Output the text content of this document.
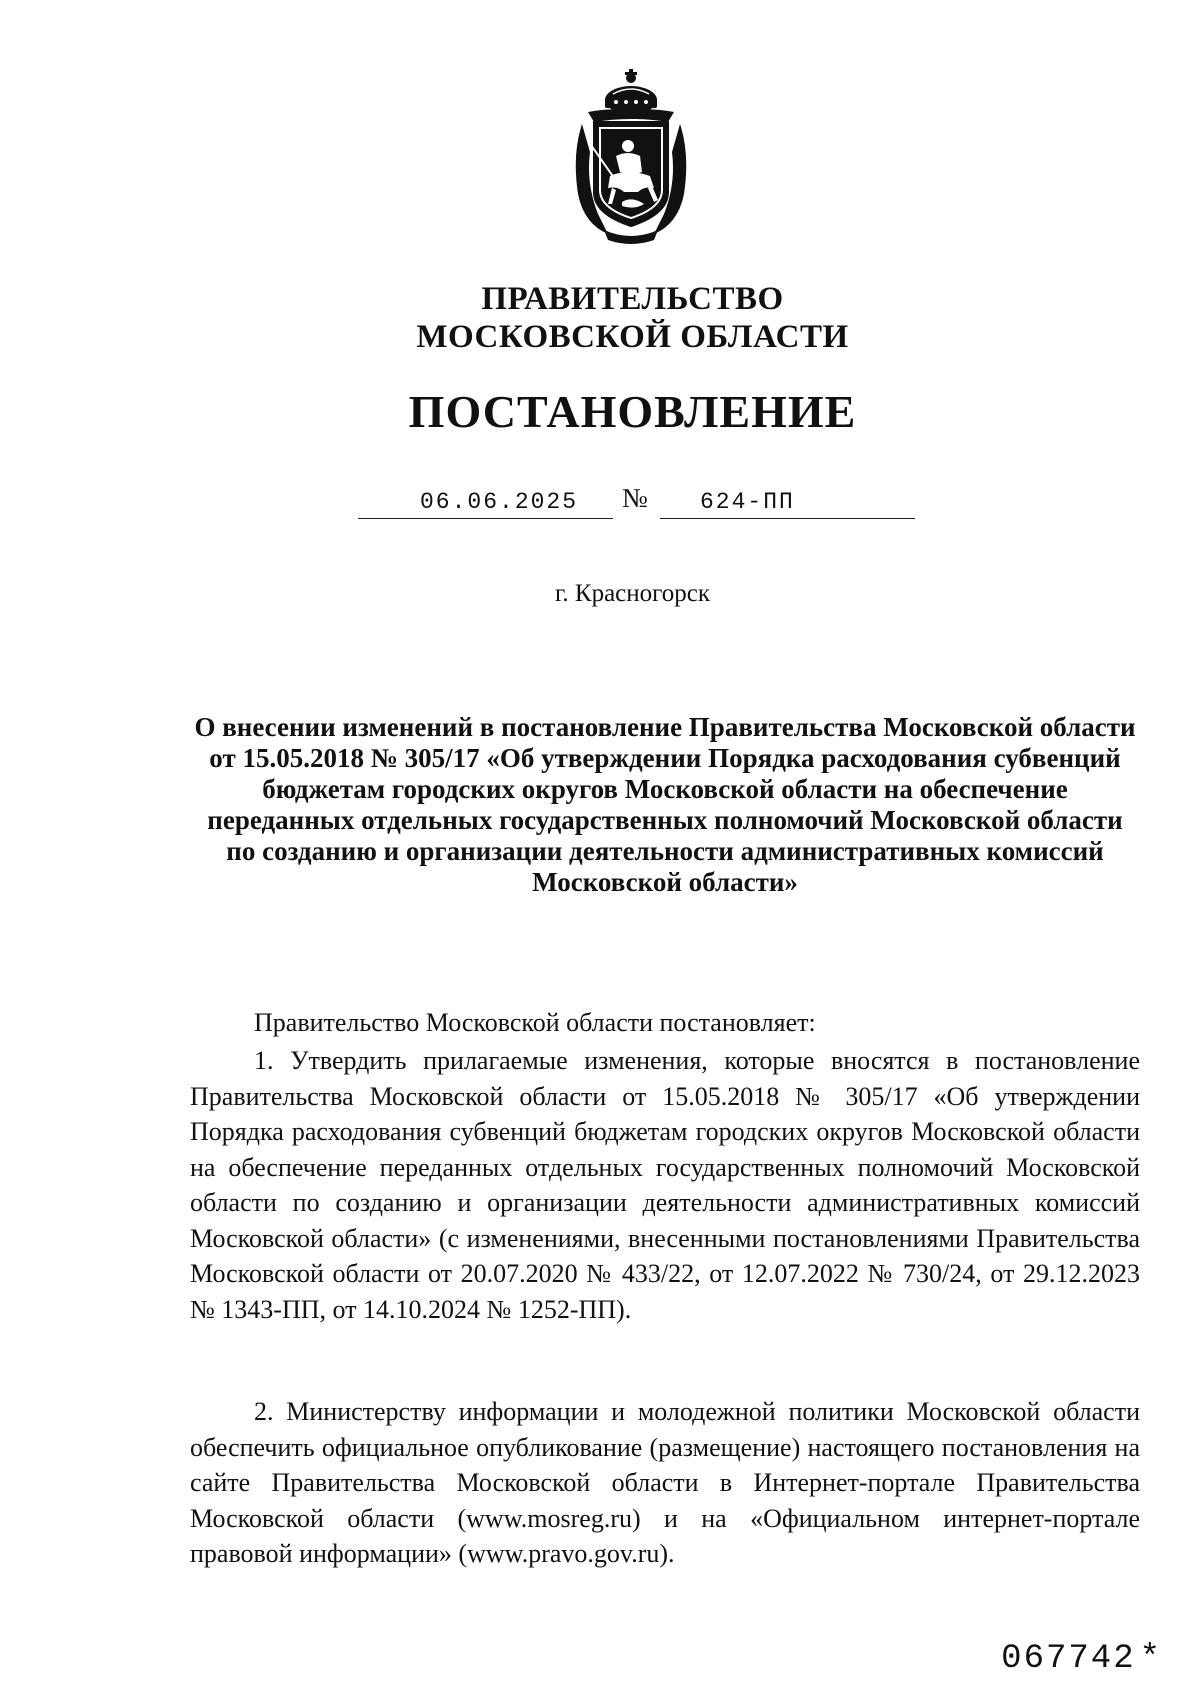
ПРАВИТЕЛЬСТВО
МОСКОВСКОЙ ОБЛАСТИ
ПОСТАНОВЛЕНИЕ
06.06.2025 № 624-ПП
г. Красногорск
О внесении изменений в постановление Правительства Московской области от 15.05.2018 № 305/17 «Об утверждении Порядка расходования субвенций бюджетам городских округов Московской области на обеспечение переданных отдельных государственных полномочий Московской области по созданию и организации деятельности административных комиссий Московской области»

Правительство Московской области постановляет:

1. Утвердить прилагаемые изменения, которые вносятся в постановление Правительства Московской области от 15.05.2018 № 305/17 «Об утверждении Порядка расходования субвенций бюджетам городских округов Московской области на обеспечение переданных отдельных государственных полномочий Московской области по созданию и организации деятельности административных комиссий Московской области» (с изменениями, внесенными постановлениями Правительства Московской области от 20.07.2020 № 433/22, от 12.07.2022 № 730/24, от 29.12.2023 № 1343-ПП, от 14.10.2024 № 1252-ПП).

2. Министерству информации и молодежной политики Московской области обеспечить официальное опубликование (размещение) настоящего постановления на сайте Правительства Московской области в Интернет-портале Правительства Московской области (www.mosreg.ru) и на «Официальном интернет-портале правовой информации» (www.pravo.gov.ru).

067742 *
